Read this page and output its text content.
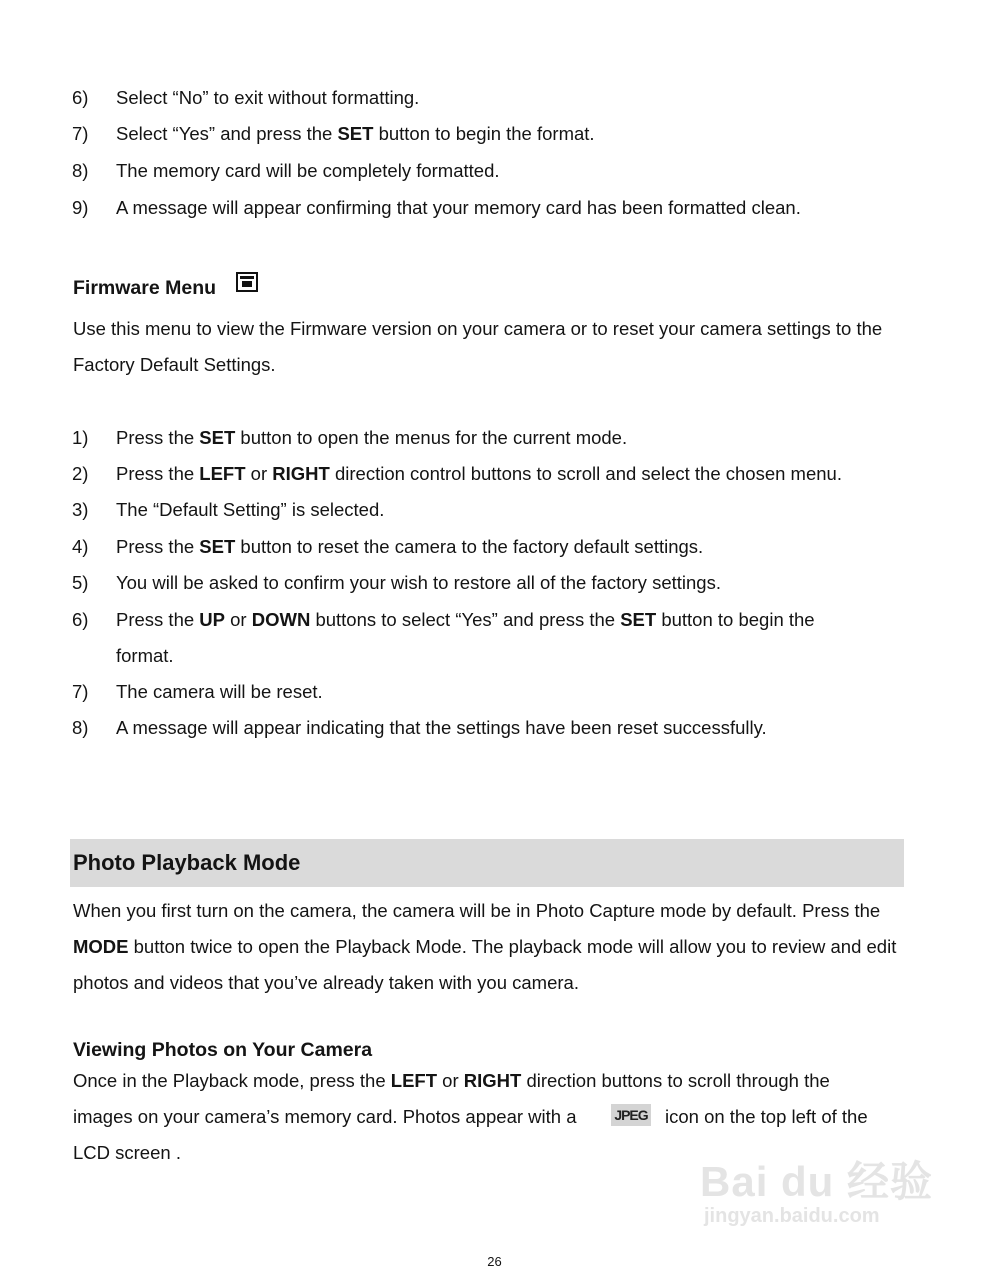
6) Select “No” to exit without formatting.
7) Select “Yes” and press the SET button to begin the format.
8) The memory card will be completely formatted.
9) A message will appear confirming that your memory card has been formatted clean.
Firmware Menu
Use this menu to view the Firmware version on your camera or to reset your camera settings to the Factory Default Settings.
1) Press the SET button to open the menus for the current mode.
2) Press the LEFT or RIGHT direction control buttons to scroll and select the chosen menu.
3) The “Default Setting” is selected.
4) Press the SET button to reset the camera to the factory default settings.
5) You will be asked to confirm your wish to restore all of the factory settings.
6) Press the UP or DOWN buttons to select “Yes” and press the SET button to begin the format.
7) The camera will be reset.
8) A message will appear indicating that the settings have been reset successfully.
Photo Playback Mode
When you first turn on the camera, the camera will be in Photo Capture mode by default. Press the MODE button twice to open the Playback Mode. The playback mode will allow you to review and edit photos and videos that you’ve already taken with you camera.
Viewing Photos on Your Camera
Once in the Playback mode, press the LEFT or RIGHT direction buttons to scroll through the
images on your camera’s memory card. Photos appear with a	JPEG icon on the top left of the
LCD screen .
Bai du 经验
jingyan.baidu.com
26
